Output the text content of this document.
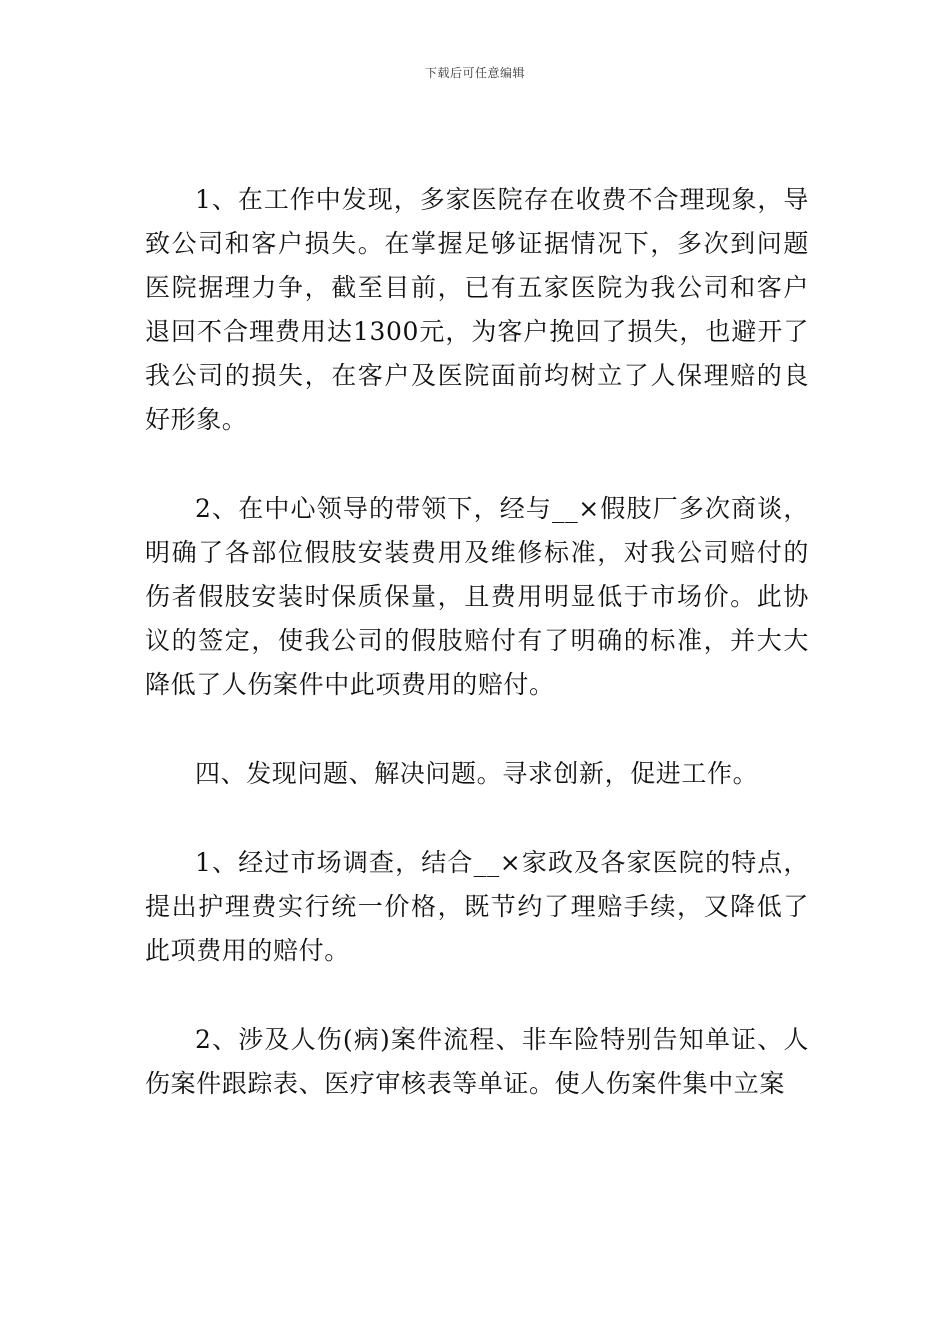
下载后可任意编辑

1、在工作中发现，多家医院存在收费不合理现象，导致公司和客户损失。在掌握足够证据情况下，多次到问题医院据理力争，截至目前，已有五家医院为我公司和客户退回不合理费用达1300元，为客户挽回了损失，也避开了我公司的损失，在客户及医院面前均树立了人保理赔的良好形象。

2、在中心领导的带领下，经与__×假肢厂多次商谈，明确了各部位假肢安装费用及维修标准，对我公司赔付的伤者假肢安装时保质保量，且费用明显低于市场价。此协议的签定，使我公司的假肢赔付有了明确的标准，并大大降低了人伤案件中此项费用的赔付。

四、发现问题、解决问题。寻求创新，促进工作。

1、经过市场调查，结合__×家政及各家医院的特点，提出护理费实行统一价格，既节约了理赔手续，又降低了此项费用的赔付。

2、涉及人伤(病)案件流程、非车险特别告知单证、人伤案件跟踪表、医疗审核表等单证。使人伤案件集中立案
